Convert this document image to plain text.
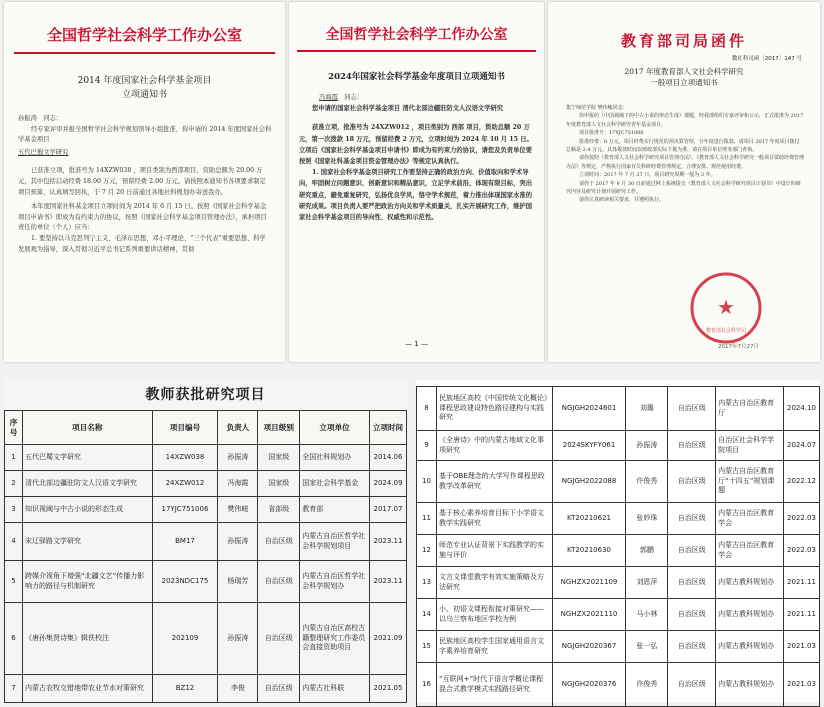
全国哲学社会科学工作办公室
2014 年度国家社会科学基金项目
立项通知书

孙振涛　同志：

经专家评审并报全国哲学社会科学规划领导小组批准，你申请的 2014 年度国家社会科学基金项目

五代巴蜀文学研究

已获准立项，批准号为 14XZW038 ，项目类别为西部项目，资助总额为 20.00 万元，其中包括启动经费 18.00 万元，预留经费 2.00 万元。请按照本通知书各项要求制定项目预算，认真填写回执，于 7 月 20 日前通过各地社科规划办寄送我办。

本年度国家社科基金项目立项时间为 2014 年 6 月 15 日。按照《国家社会科学基金项目申请书》即成为有约束力的协议，按照《国家社会科学基金项目管理办法》，承担项目责任的单位（个人）应当：

1. 要坚持以马克思列宁主义、毛泽东思想、邓小平理论、“三个代表”重要思想、科学发展观为指导，深入贯彻习近平总书记系列重要讲话精神，贯彻

全国哲学社会科学工作办公室
2024年国家社会科学基金年度项目立项通知书

冯海霞　 同志：

您申请的国家社会科学基金项目 清代北部边疆驻防文人汉语文学研究

获准立项，批准号为 24XZW012 ，项目类别为 西部 项目，资助总额 20 万元，第一次拨款 18 万元，预留经费 2 万元，立项时间为 2024 年 10 月 15 日。立项后《国家社会科学基金项目申请书》即成为有约束力的协议，请您及负责单位要按照《国家社科基金项目资金管理办法》等规定认真执行。

1. 国家社会科学基金项目研究工作要坚持正确的政治方向、价值取向和学术导向，牢固树立问题意识、创新意识和精品意识，立足学术前沿，体现有限目标，突出研究重点，避免重复研究，弘扬优良学风，恪守学术规范，着力推出体现国家水准的研究成果。项目负责人要严把政治方向关和学术质量关，扎实开展研究工作，维护国家社会科学基金项目的导向性、权威性和示范性。

— 1 —
教育部司局函件
教社科司函〔2017〕147 号
2017 年度教育部人文社会科学研究
一般项目立项通知书

集宁师范学院 樊伟峻同志：

你申报的《中国视阈下的中古小说的形态生成》课题，经我部组织专家评审和公示，正式批准为 2017 年度教育部人文社会科学研究青年基金项目。

项目批准号：17YJC751006

批准经费：8 万元。项目经费实行规范的预决算管理，分年度进行拨款，请项目 2017 年度项目拨付总额是 2.4 万元。具体拨款时间以财政部实际下拨为准，请在项目单位财务部门查询。

请你按照《教育部人文社会科学研究项目管理办法》、《教育部人文社会科学研究一般项目资助经费管理办法》等规定，严格执行国家有关科研经费管理规定，合理安排、规范使用经费。

立项时间：2017 年 7 月 27 日。项目研究周期一般为 3 年。

请你于 2017 年 9 月 30 日前通过网上系统提交《教育部人文社会科学研究项目计划书》中设计的研究内容及研究计划开展研究工作。

请你认真研读相关要求，并遵照执行。

★
教育部社会科学司
2017年7月27日
教师获批研究项目
序号	项目名称	项目编号	负责人	项目级别	立项单位	立项时间
1	五代巴蜀文学研究	14XZW038	孙振涛	国家级	全国社科规划办	2014.06
2	清代北部边疆驻防文人汉语文学研究	24XZW012	冯海霞	国家级	国家社会科学基金	2024.09
3	知识视阈与中古小说的形态生成	17YJC751006	樊伟峻	省部级	教育部	2017.07
4	宋辽驿路文学研究	BM17	孙振涛	自治区级	内蒙古自治区哲学社会科学规划项目	2023.11
5	跨媒介视角下增强“北疆文艺”传播力影响力的路径与机制研究	2023NDC175	杨瑞芳	自治区级	内蒙古自治区哲学社会科学规划办	2023.11
6	《唐孙集贤诗集》辑佚校注	202109	孙振涛	自治区级	内蒙古自治区高校古籍整理研究工作委员会直接资助项目	2021.09
7	内蒙古农牧交错地带农业节水对策研究	BZ12	李俊	自治区级	内蒙古社科联	2021.05
8	民族地区高校《中国传统文化概论》课程思政建设特色路径建构与实践研究	NGJGH2024601	刘璐	自治区级	内蒙古自治区教育厅	2024.10
9	《全唐诗》中的内蒙古地域文化事项研究	2024SKYFY061	孙振涛	自治区级	自治区社会科学学院项目	2024.07
10	基于OBE理念的大学写作课程思政教学改革研究	NGJGH2022088	许俊秀	自治区级	内蒙古自治区教育厅“十四五”规划课题	2022.12
11	基于核心素养培育目标下小学语文教学实践研究	KT20210621	张妙珠	自治区级	内蒙古自治区教育学会	2022.03
12	师范专业认证背景下实践教学的实施与评价	KT20210630	郭鹏	自治区级	内蒙古自治区教育学会	2022.03
13	文言文课堂教学有效实施策略及方法研究	NGHZX2021109	刘恩萍	自治区级	内蒙古教科规划办	2021.11
14	小、初语文课程衔接对策研究——以乌兰察布地区学校为例	NGHZX2021110	马小林	自治区级	内蒙古教科规划办	2021.11
15	民族地区高校学生国家通用语言文字素养培育研究	NGJGH2020367	张一弘	自治区级	内蒙古教科规划办	2021.03
16	“互联网+”时代下语言学概论课程混合式教学模式实践路径研究	NGJGH2020376	许俊秀	自治区级	内蒙古教科规划办	2021.03
